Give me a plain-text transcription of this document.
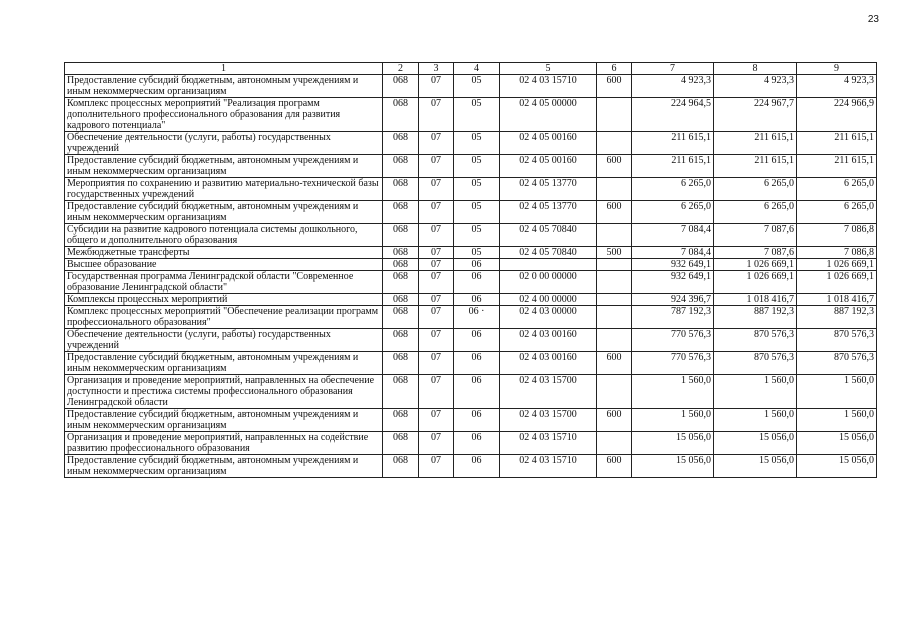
23
1	2	3	4	5	6	7	8	9
Предоставление субсидий бюджетным, автономным учреждениям и иным некоммерческим организациям	068	07	05	02 4 03 15710	600	4 923,3	4 923,3	4 923,3
Комплекс процессных мероприятий "Реализация программ дополнительного профессионального образования для развития кадрового потенциала"	068	07	05	02 4 05 00000		224 964,5	224 967,7	224 966,9
Обеспечение деятельности (услуги, работы) государственных учреждений	068	07	05	02 4 05 00160		211 615,1	211 615,1	211 615,1
Предоставление субсидий бюджетным, автономным учреждениям и иным некоммерческим организациям	068	07	05	02 4 05 00160	600	211 615,1	211 615,1	211 615,1
Мероприятия по сохранению и развитию материально-технической базы государственных учреждений	068	07	05	02 4 05 13770		6 265,0	6 265,0	6 265,0
Предоставление субсидий бюджетным, автономным учреждениям и иным некоммерческим организациям	068	07	05	02 4 05 13770	600	6 265,0	6 265,0	6 265,0
Субсидии на развитие кадрового потенциала системы дошкольного, общего и дополнительного образования	068	07	05	02 4 05 70840		7 084,4	7 087,6	7 086,8
Межбюджетные трансферты	068	07	05	02 4 05 70840	500	7 084,4	7 087,6	7 086,8
Высшее образование	068	07	06			932 649,1	1 026 669,1	1 026 669,1
Государственная программа Ленинградской области "Современное образование Ленинградской области"	068	07	06	02 0 00 00000		932 649,1	1 026 669,1	1 026 669,1
Комплексы процессных мероприятий	068	07	06	02 4 00 00000		924 396,7	1 018 416,7	1 018 416,7
Комплекс процессных мероприятий "Обеспечение реализации программ профессионального образования"	068	07	06 ·	02 4 03 00000		787 192,3	887 192,3	887 192,3
Обеспечение деятельности (услуги, работы) государственных учреждений	068	07	06	02 4 03 00160		770 576,3	870 576,3	870 576,3
Предоставление субсидий бюджетным, автономным учреждениям и иным некоммерческим организациям	068	07	06	02 4 03 00160	600	770 576,3	870 576,3	870 576,3
Организация и проведение мероприятий, направленных на обеспечение доступности и престижа системы профессионального образования Ленинградской области	068	07	06	02 4 03 15700		1 560,0	1 560,0	1 560,0
Предоставление субсидий бюджетным, автономным учреждениям и иным некоммерческим организациям	068	07	06	02 4 03 15700	600	1 560,0	1 560,0	1 560,0
Организация и проведение мероприятий, направленных на содействие развитию профессионального образования	068	07	06	02 4 03 15710		15 056,0	15 056,0	15 056,0
Предоставление субсидий бюджетным, автономным учреждениям и иным некоммерческим организациям	068	07	06	02 4 03 15710	600	15 056,0	15 056,0	15 056,0
